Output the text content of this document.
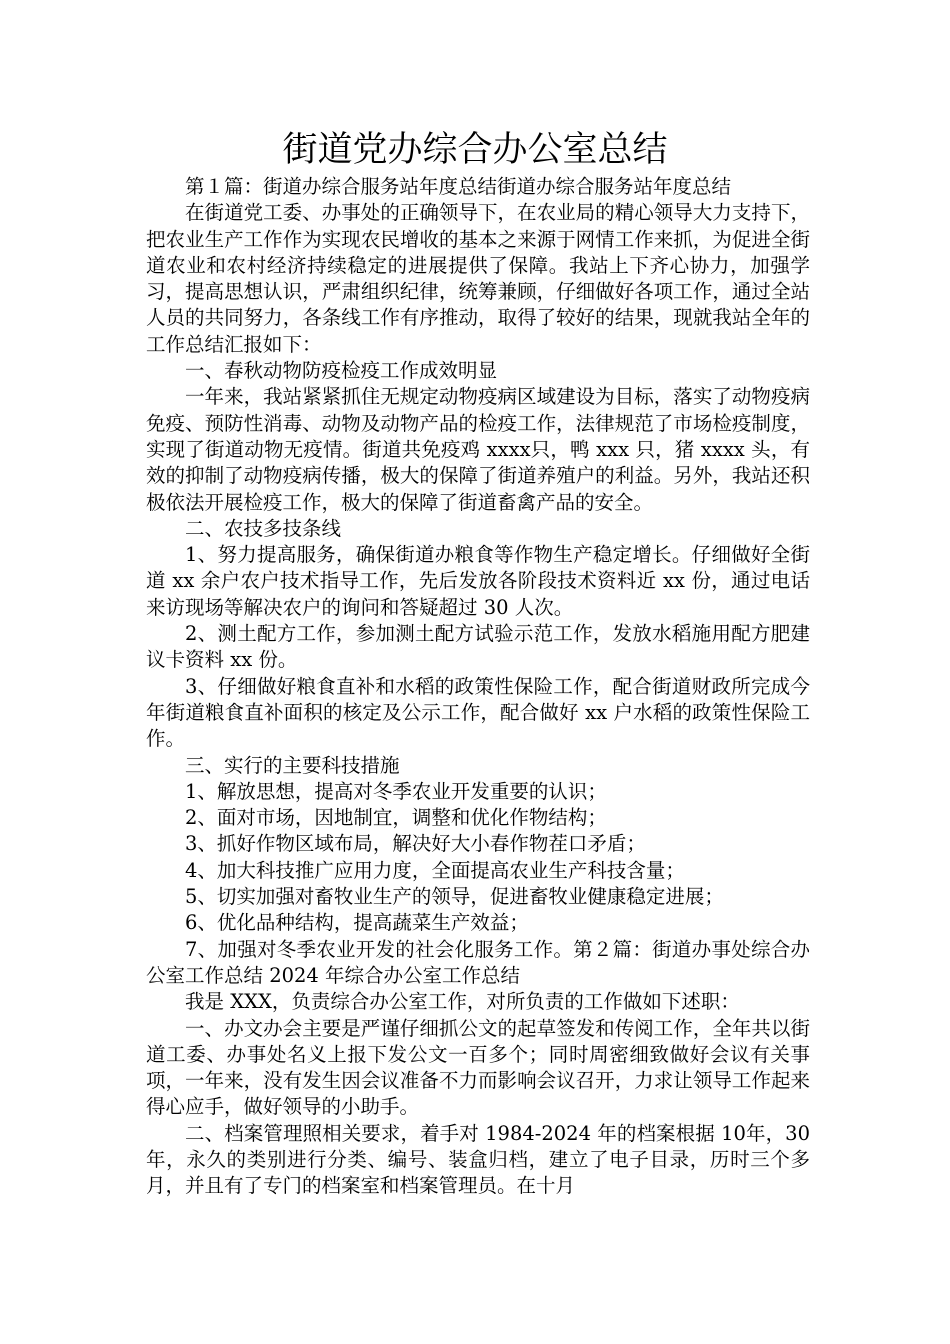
街道党办综合办公室总结

第１篇：街道办综合服务站年度总结街道办综合服务站年度总结

在街道党工委、办事处的正确领导下，在农业局的精心领导大力支持下，把农业生产工作作为实现农民增收的基本之来源于网情工作来抓，为促进全街道农业和农村经济持续稳定的进展提供了保障。我站上下齐心协力，加强学习，提高思想认识，严肃组织纪律，统筹兼顾，仔细做好各项工作，通过全站人员的共同努力，各条线工作有序推动，取得了较好的结果，现就我站全年的工作总结汇报如下：

一、春秋动物防疫检疫工作成效明显

一年来，我站紧紧抓住无规定动物疫病区域建设为目标，落实了动物疫病免疫、预防性消毒、动物及动物产品的检疫工作，法律规范了市场检疫制度，实现了街道动物无疫情。街道共免疫鸡 xxxx只，鸭 xxx 只，猪 xxxx 头，有效的抑制了动物疫病传播，极大的保障了街道养殖户的利益。另外，我站还积极依法开展检疫工作，极大的保障了街道畜禽产品的安全。

二、农技多技条线

1、努力提高服务，确保街道办粮食等作物生产稳定增长。仔细做好全街道 xx 余户农户技术指导工作，先后发放各阶段技术资料近 xx 份，通过电话来访现场等解决农户的询问和答疑超过 30 人次。

2、测土配方工作，参加测土配方试验示范工作，发放水稻施用配方肥建议卡资料 xx 份。

3、仔细做好粮食直补和水稻的政策性保险工作，配合街道财政所完成今年街道粮食直补面积的核定及公示工作，配合做好 xx 户水稻的政策性保险工作。

三、实行的主要科技措施

1、解放思想，提高对冬季农业开发重要的认识；

2、面对市场，因地制宜，调整和优化作物结构；

3、抓好作物区域布局，解决好大小春作物茬口矛盾；

4、加大科技推广应用力度，全面提高农业生产科技含量；

5、切实加强对畜牧业生产的领导，促进畜牧业健康稳定进展；

6、优化品种结构，提高蔬菜生产效益；

7、加强对冬季农业开发的社会化服务工作。第２篇：街道办事处综合办公室工作总结 2024 年综合办公室工作总结

我是 XXX，负责综合办公室工作，对所负责的工作做如下述职：

一、办文办会主要是严谨仔细抓公文的起草签发和传阅工作，全年共以街道工委、办事处名义上报下发公文一百多个；同时周密细致做好会议有关事项，一年来，没有发生因会议准备不力而影响会议召开，力求让领导工作起来得心应手，做好领导的小助手。

二、档案管理照相关要求，着手对 1984-2024 年的档案根据 10年，30 年，永久的类别进行分类、编号、装盒归档，建立了电子目录，历时三个多月，并且有了专门的档案室和档案管理员。在十月
